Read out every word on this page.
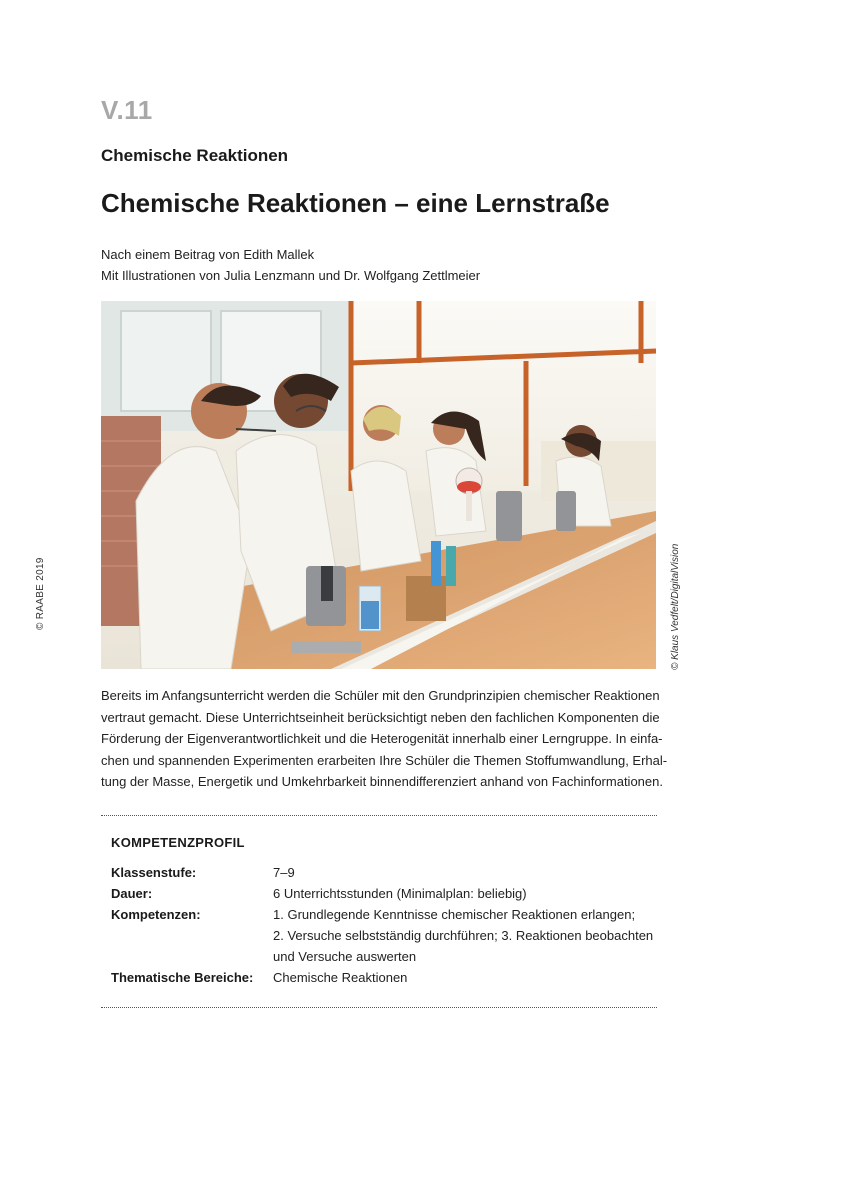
© RAABE 2019
V.11
Chemische Reaktionen
Chemische Reaktionen – eine Lernstraße
Nach einem Beitrag von Edith Mallek
Mit Illustrationen von Julia Lenzmann und Dr. Wolfgang Zettlmeier
© Klaus Vedfelt/DigitalVision
Bereits im Anfangsunterricht werden die Schüler mit den Grundprinzipien chemischer Reaktionen
vertraut gemacht. Diese Unterrichtseinheit berücksichtigt neben den fachlichen Komponenten die
Förderung der Eigenverantwortlichkeit und die Heterogenität innerhalb einer Lerngruppe. In einfa-
chen und spannenden Experimenten erarbeiten Ihre Schüler die Themen Stoffumwandlung, Erhal-
tung der Masse, Energetik und Umkehrbarkeit binnendifferenziert anhand von Fachinformationen.
KOMPETENZPROFIL
Klassenstufe:	7–9
Dauer:	6 Unterrichtsstunden (Minimalplan: beliebig)
Kompetenzen:	1. Grundlegende Kenntnisse chemischer Reaktionen erlangen;
2. Versuche selbstständig durchführen; 3. Reaktionen beobachten
und Versuche auswerten
Thematische Bereiche: Chemische Reaktionen
